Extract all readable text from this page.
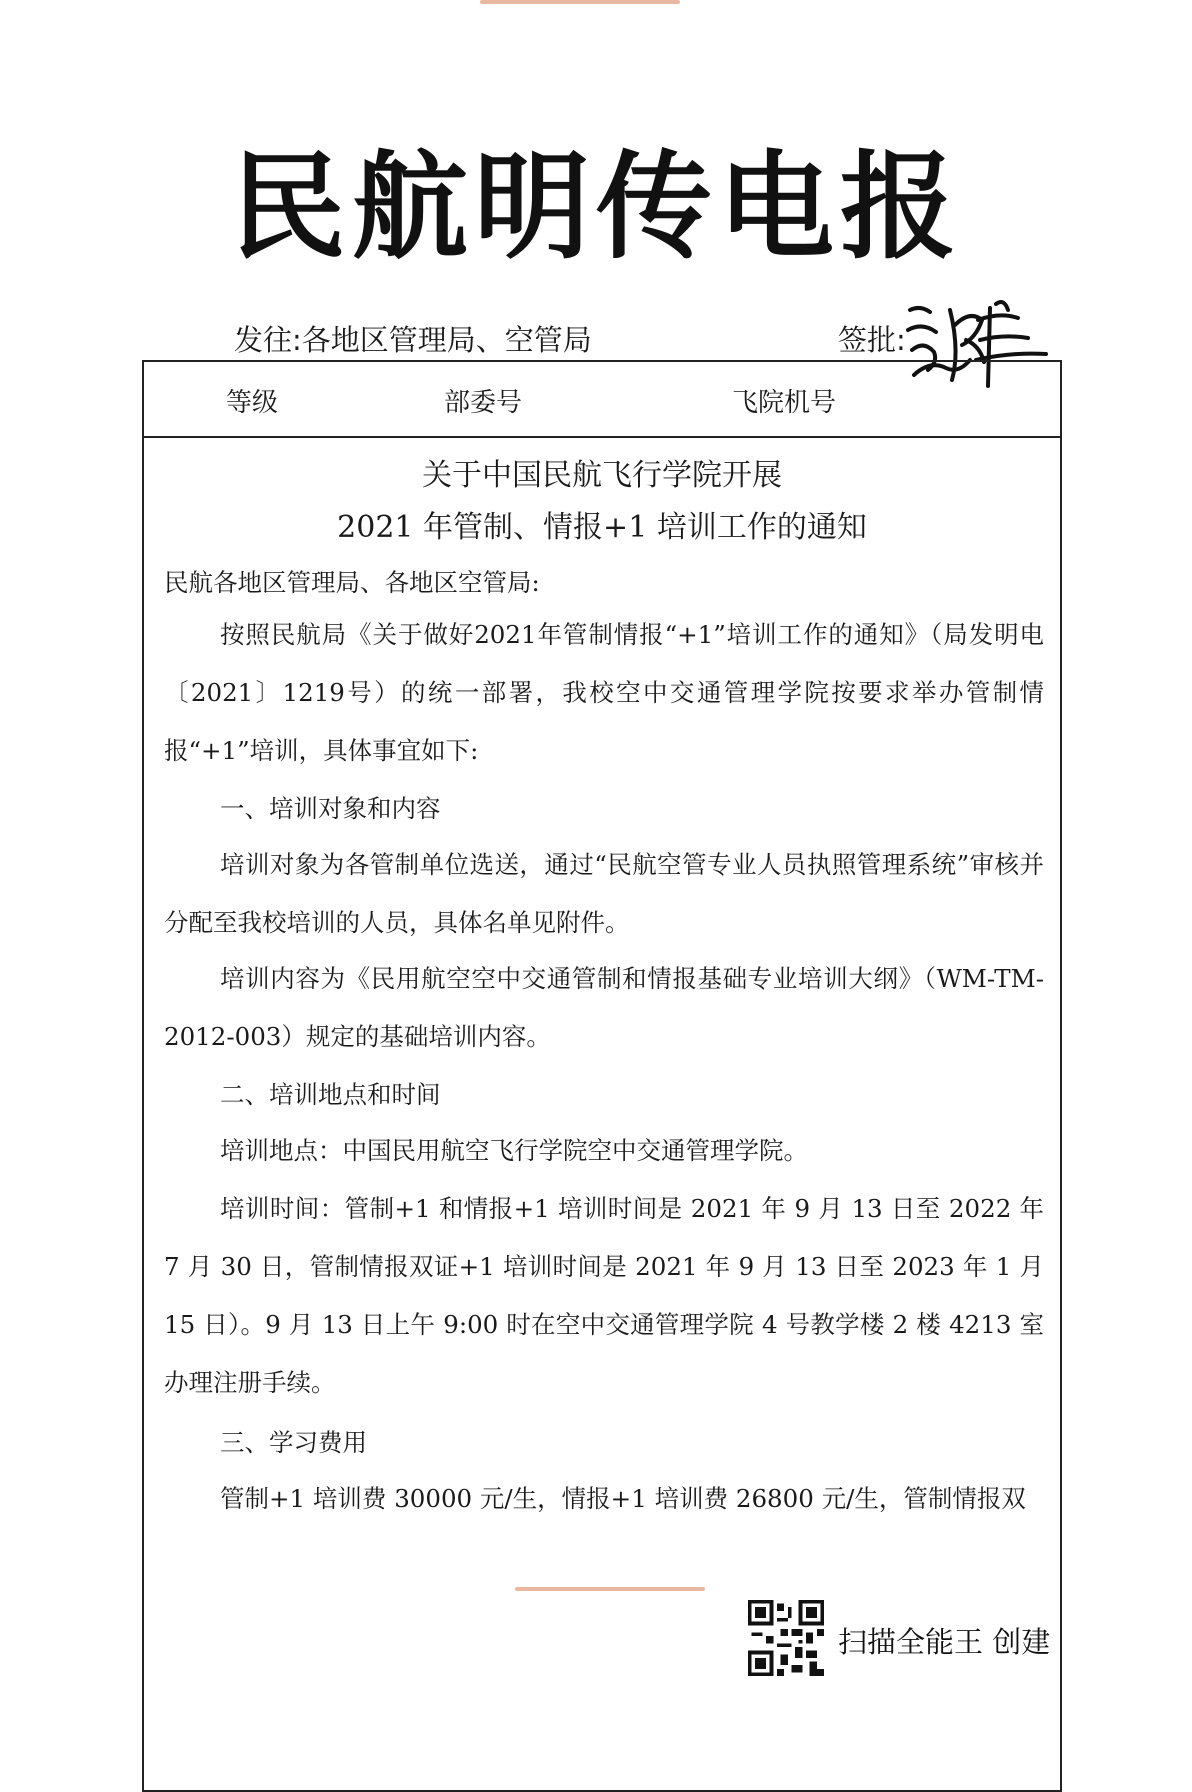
民航明传电报
发往:各地区管理局、空管局	签批:
等级	部委号	飞院机号
关于中国民航飞行学院开展
2021 年管制、情报+1 培训工作的通知

民航各地区管理局、各地区空管局:

按照民航局《关于做好2021年管制情报“+1”培训工作的通知》（局发明电〔2021〕1219号）的统一部署，我校空中交通管理学院按要求举办管制情报“+1”培训，具体事宜如下:

一、培训对象和内容

培训对象为各管制单位选送，通过“民航空管专业人员执照管理系统”审核并分配至我校培训的人员，具体名单见附件。

培训内容为《民用航空空中交通管制和情报基础专业培训大纲》（WM-TM-2012-003）规定的基础培训内容。

二、培训地点和时间

培训地点：中国民用航空飞行学院空中交通管理学院。

培训时间：管制+1 和情报+1 培训时间是 2021 年 9 月 13 日至 2022 年 7 月 30 日，管制情报双证+1 培训时间是 2021 年 9 月 13 日至 2023 年 1 月 15 日）。9 月 13 日上午 9:00 时在空中交通管理学院 4 号教学楼 2 楼 4213 室办理注册手续。

三、学习费用

管制+1 培训费 30000 元/生，情报+1 培训费 26800 元/生，管制情报双

扫描全能王 创建
